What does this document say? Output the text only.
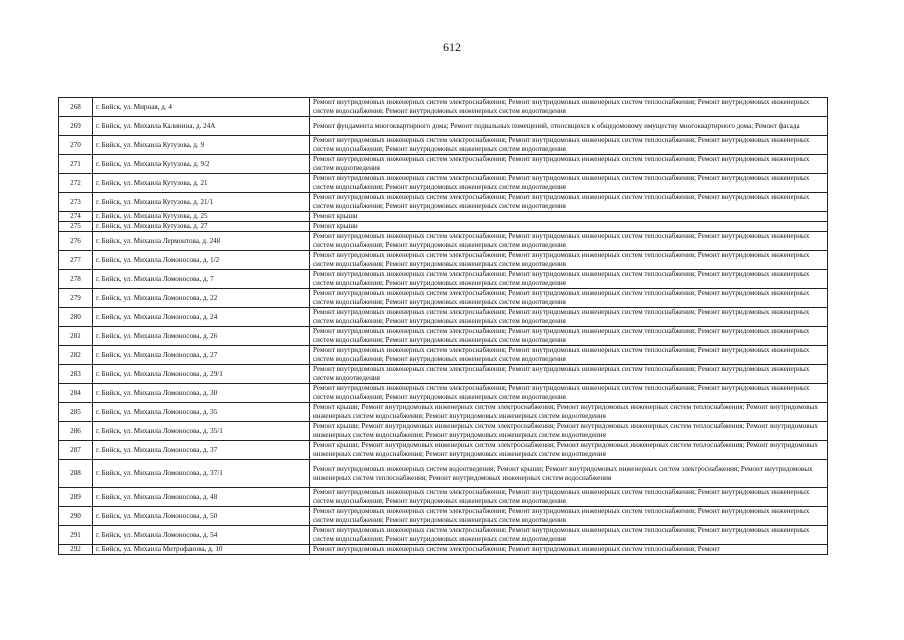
612
268	г. Бийск, ул. Мирная, д. 4	Ремонт внутридомовых инженерных систем электроснабжения; Ремонт внутридомовых инженерных систем теплоснабжения; Ремонт внутридомовых инженерных систем водоснабжения; Ремонт внутридомовых инженерных систем водоотведения
269	г. Бийск, ул. Михаила Калинина, д. 24А	Ремонт фундамента многоквартирного дома; Ремонт подвальных помещений, относящихся к общедомовому имуществу многоквартирного дома; Ремонт фасада
270	г. Бийск, ул. Михаила Кутузова, д. 9	Ремонт внутридомовых инженерных систем электроснабжения; Ремонт внутридомовых инженерных систем теплоснабжения; Ремонт внутридомовых инженерных систем водоснабжения; Ремонт внутридомовых инженерных систем водоотведения
271	г. Бийск, ул. Михаила Кутузова, д. 9/2	Ремонт внутридомовых инженерных систем электроснабжения; Ремонт внутридомовых инженерных систем теплоснабжения; Ремонт внутридомовых инженерных систем водоотведения
272	г. Бийск, ул. Михаила Кутузова, д. 21	Ремонт внутридомовых инженерных систем электроснабжения; Ремонт внутридомовых инженерных систем теплоснабжения; Ремонт внутридомовых инженерных систем водоснабжения; Ремонт внутридомовых инженерных систем водоотведения
273	г. Бийск, ул. Михаила Кутузова, д. 21/1	Ремонт внутридомовых инженерных систем электроснабжения; Ремонт внутридомовых инженерных систем теплоснабжения; Ремонт внутридомовых инженерных систем водоснабжения; Ремонт внутридомовых инженерных систем водоотведения
274	г. Бийск, ул. Михаила Кутузова, д. 25	Ремонт крыши
275	г. Бийск, ул. Михаила Кутузова, д. 27	Ремонт крыши
276	г. Бийск, ул. Михаила Лермонтова, д. 248	Ремонт внутридомовых инженерных систем электроснабжения; Ремонт внутридомовых инженерных систем теплоснабжения; Ремонт внутридомовых инженерных систем водоснабжения; Ремонт внутридомовых инженерных систем водоотведения
277	г. Бийск, ул. Михаила Ломоносова, д. 1/2	Ремонт внутридомовых инженерных систем электроснабжения; Ремонт внутридомовых инженерных систем теплоснабжения; Ремонт внутридомовых инженерных систем водоснабжения; Ремонт внутридомовых инженерных систем водоотведения
278	г. Бийск, ул. Михаила Ломоносова, д. 7	Ремонт внутридомовых инженерных систем электроснабжения; Ремонт внутридомовых инженерных систем теплоснабжения; Ремонт внутридомовых инженерных систем водоснабжения; Ремонт внутридомовых инженерных систем водоотведения
279	г. Бийск, ул. Михаила Ломоносова, д. 22	Ремонт внутридомовых инженерных систем электроснабжения; Ремонт внутридомовых инженерных систем теплоснабжения; Ремонт внутридомовых инженерных систем водоснабжения; Ремонт внутридомовых инженерных систем водоотведения
280	г. Бийск, ул. Михаила Ломоносова, д. 24	Ремонт внутридомовых инженерных систем электроснабжения; Ремонт внутридомовых инженерных систем теплоснабжения; Ремонт внутридомовых инженерных систем водоснабжения; Ремонт внутридомовых инженерных систем водоотведения
281	г. Бийск, ул. Михаила Ломоносова, д. 26	Ремонт внутридомовых инженерных систем электроснабжения; Ремонт внутридомовых инженерных систем теплоснабжения; Ремонт внутридомовых инженерных систем водоснабжения; Ремонт внутридомовых инженерных систем водоотведения
282	г. Бийск, ул. Михаила Ломоносова, д. 27	Ремонт внутридомовых инженерных систем электроснабжения; Ремонт внутридомовых инженерных систем теплоснабжения; Ремонт внутридомовых инженерных систем водоснабжения; Ремонт внутридомовых инженерных систем водоотведения
283	г. Бийск, ул. Михаила Ломоносова, д. 29/1	Ремонт внутридомовых инженерных систем электроснабжения; Ремонт внутридомовых инженерных систем теплоснабжения; Ремонт внутридомовых инженерных систем водоотведения
284	г. Бийск, ул. Михаила Ломоносова, д. 30	Ремонт внутридомовых инженерных систем электроснабжения; Ремонт внутридомовых инженерных систем теплоснабжения; Ремонт внутридомовых инженерных систем водоснабжения; Ремонт внутридомовых инженерных систем водоотведения
285	г. Бийск, ул. Михаила Ломоносова, д. 35	Ремонт крыши; Ремонт внутридомовых инженерных систем электроснабжения; Ремонт внутридомовых инженерных систем теплоснабжения; Ремонт внутридомовых инженерных систем водоснабжения; Ремонт внутридомовых инженерных систем водоотведения
286	г. Бийск, ул. Михаила Ломоносова, д. 35/1	Ремонт крыши; Ремонт внутридомовых инженерных систем электроснабжения; Ремонт внутридомовых инженерных систем теплоснабжения; Ремонт внутридомовых инженерных систем водоснабжения; Ремонт внутридомовых инженерных систем водоотведения
287	г. Бийск, ул. Михаила Ломоносова, д. 37	Ремонт крыши; Ремонт внутридомовых инженерных систем электроснабжения; Ремонт внутридомовых инженерных систем теплоснабжения; Ремонт внутридомовых инженерных систем водоснабжения; Ремонт внутридомовых инженерных систем водоотведения
288	г. Бийск, ул. Михаила Ломоносова, д. 37/1	Ремонт внутридомовых инженерных систем водоотведения; Ремонт крыши; Ремонт внутридомовых инженерных систем электроснабжения; Ремонт внутридомовых инженерных систем теплоснабжения; Ремонт внутридомовых инженерных систем водоснабжения
289	г. Бийск, ул. Михаила Ломоносова, д. 48	Ремонт внутридомовых инженерных систем электроснабжения; Ремонт внутридомовых инженерных систем теплоснабжения; Ремонт внутридомовых инженерных систем водоснабжения; Ремонт внутридомовых инженерных систем водоотведения
290	г. Бийск, ул. Михаила Ломоносова, д. 50	Ремонт внутридомовых инженерных систем электроснабжения; Ремонт внутридомовых инженерных систем теплоснабжения; Ремонт внутридомовых инженерных систем водоснабжения; Ремонт внутридомовых инженерных систем водоотведения
291	г. Бийск, ул. Михаила Ломоносова, д. 54	Ремонт внутридомовых инженерных систем электроснабжения; Ремонт внутридомовых инженерных систем теплоснабжения; Ремонт внутридомовых инженерных систем водоснабжения; Ремонт внутридомовых инженерных систем водоотведения
292	г. Бийск, ул. Михаила Митрофанова, д. 10	Ремонт внутридомовых инженерных систем электроснабжения; Ремонт внутридомовых инженерных систем теплоснабжения; Ремонт
